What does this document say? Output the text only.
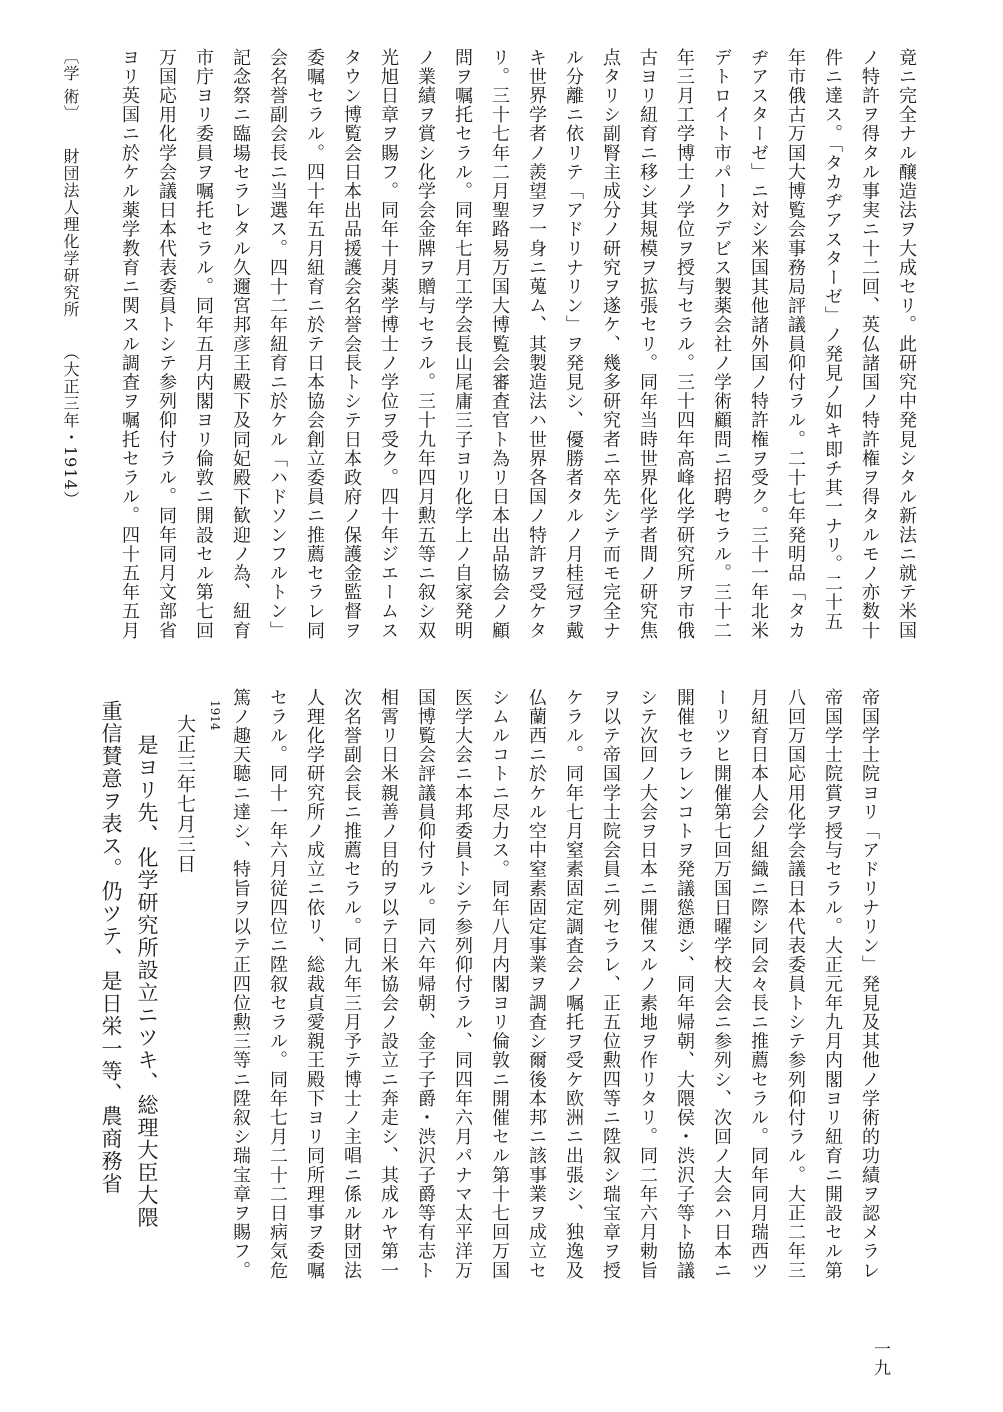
竟ニ完全ナル醸造法ヲ大成セリ。此研究中発見シタル新法ニ就テ米国
ノ特許ヲ得タル事実ニ十二回、英仏諸国ノ特許権ヲ得タルモノ亦数十
件ニ達ス。「タカヂアスターゼ」ノ発見ノ如キ即チ其一ナリ。二十五
年市俄古万国大博覧会事務局評議員仰付ラル。二十七年発明品「タカ
ヂアスターゼ」ニ対シ米国其他諸外国ノ特許権ヲ受ク。三十一年北米
デトロイト市パークデビス製薬会社ノ学術顧問ニ招聘セラル。三十二
年三月工学博士ノ学位ヲ授与セラル。三十四年高峰化学研究所ヲ市俄
古ヨリ紐育ニ移シ其規模ヲ拡張セリ。同年当時世界化学者間ノ研究焦
点タリシ副腎主成分ノ研究ヲ遂ケ、幾多研究者ニ卒先シテ而モ完全ナ
ル分離ニ依リテ「アドリナリン」ヲ発見シ、優勝者タルノ月桂冠ヲ戴
キ世界学者ノ羨望ヲ一身ニ蒐ム、其製造法ハ世界各国ノ特許ヲ受ケタ
リ。三十七年二月聖路易万国大博覧会審査官ト為リ日本出品協会ノ顧
問ヲ嘱托セラル。同年七月工学会長山尾庸三子ヨリ化学上ノ自家発明
ノ業績ヲ賞シ化学会金牌ヲ贈与セラル。三十九年四月勲五等ニ叙シ双
光旭日章ヲ賜フ。同年十月薬学博士ノ学位ヲ受ク。四十年ジエームス
タウン博覧会日本出品援護会名誉会長トシテ日本政府ノ保護金監督ヲ
委嘱セラル。四十年五月紐育ニ於テ日本協会創立委員ニ推薦セラレ同
会名誉副会長ニ当選ス。四十二年紐育ニ於ケル「ハドソンフルトン」
記念祭ニ臨場セラレタル久邇宮邦彦王殿下及同妃殿下歓迎ノ為、紐育
市庁ヨリ委員ヲ嘱托セラル。同年五月内閣ヨリ倫敦ニ開設セル第七回
万国応用化学会議日本代表委員トシテ参列仰付ラル。同年同月文部省
ヨリ英国ニ於ケル薬学教育ニ関スル調査ヲ嘱托セラル。四十五年五月
〔学 術〕財団法人理化学研究所（大正三年・1914）
帝国学士院ヨリ「アドリナリン」発見及其他ノ学術的功績ヲ認メラレ
帝国学士院賞ヲ授与セラル。大正元年九月内閣ヨリ紐育ニ開設セル第
八回万国応用化学会議日本代表委員トシテ参列仰付ラル。大正二年三
月紐育日本人会ノ組織ニ際シ同会々長ニ推薦セラル。同年同月瑞西ツ
ーリツヒ開催第七回万国日曜学校大会ニ参列シ、次回ノ大会ハ日本ニ
開催セラレンコトヲ発議慫慂シ、同年帰朝、大隈侯・渋沢子等ト協議
シテ次回ノ大会ヲ日本ニ開催スルノ素地ヲ作リタリ。同二年六月勅旨
ヲ以テ帝国学士院会員ニ列セラレ、正五位勲四等ニ陞叙シ瑞宝章ヲ授
ケラル。同年七月窒素固定調査会ノ嘱托ヲ受ケ欧洲ニ出張シ、独逸及
仏蘭西ニ於ケル空中窒素固定事業ヲ調査シ爾後本邦ニ該事業ヲ成立セ
シムルコトニ尽力ス。同年八月内閣ヨリ倫敦ニ開催セル第十七回万国
医学大会ニ本邦委員トシテ参列仰付ラル、同四年六月パナマ太平洋万
国博覧会評議員仰付ラル。同六年帰朝、金子子爵・渋沢子爵等有志ト
相霄リ日米親善ノ目的ヲ以テ日米協会ノ設立ニ奔走シ、其成ルヤ第一
次名誉副会長ニ推薦セラル。同九年三月予テ博士ノ主唱ニ係ル財団法
人理化学研究所ノ成立ニ依リ、総裁貞愛親王殿下ヨリ同所理事ヲ委嘱
セラル。同十一年六月従四位ニ陞叙セラル。同年七月二十二日病気危
篤ノ趣天聴ニ達シ、特旨ヲ以テ正四位勲三等ニ陞叙シ瑞宝章ヲ賜フ。
1914
大正三年七月三日
是ヨリ先、化学研究所設立ニツキ、総理大臣大隈
重信賛意ヲ表ス。仍ツテ、是日栄一等、農商務省
一九
